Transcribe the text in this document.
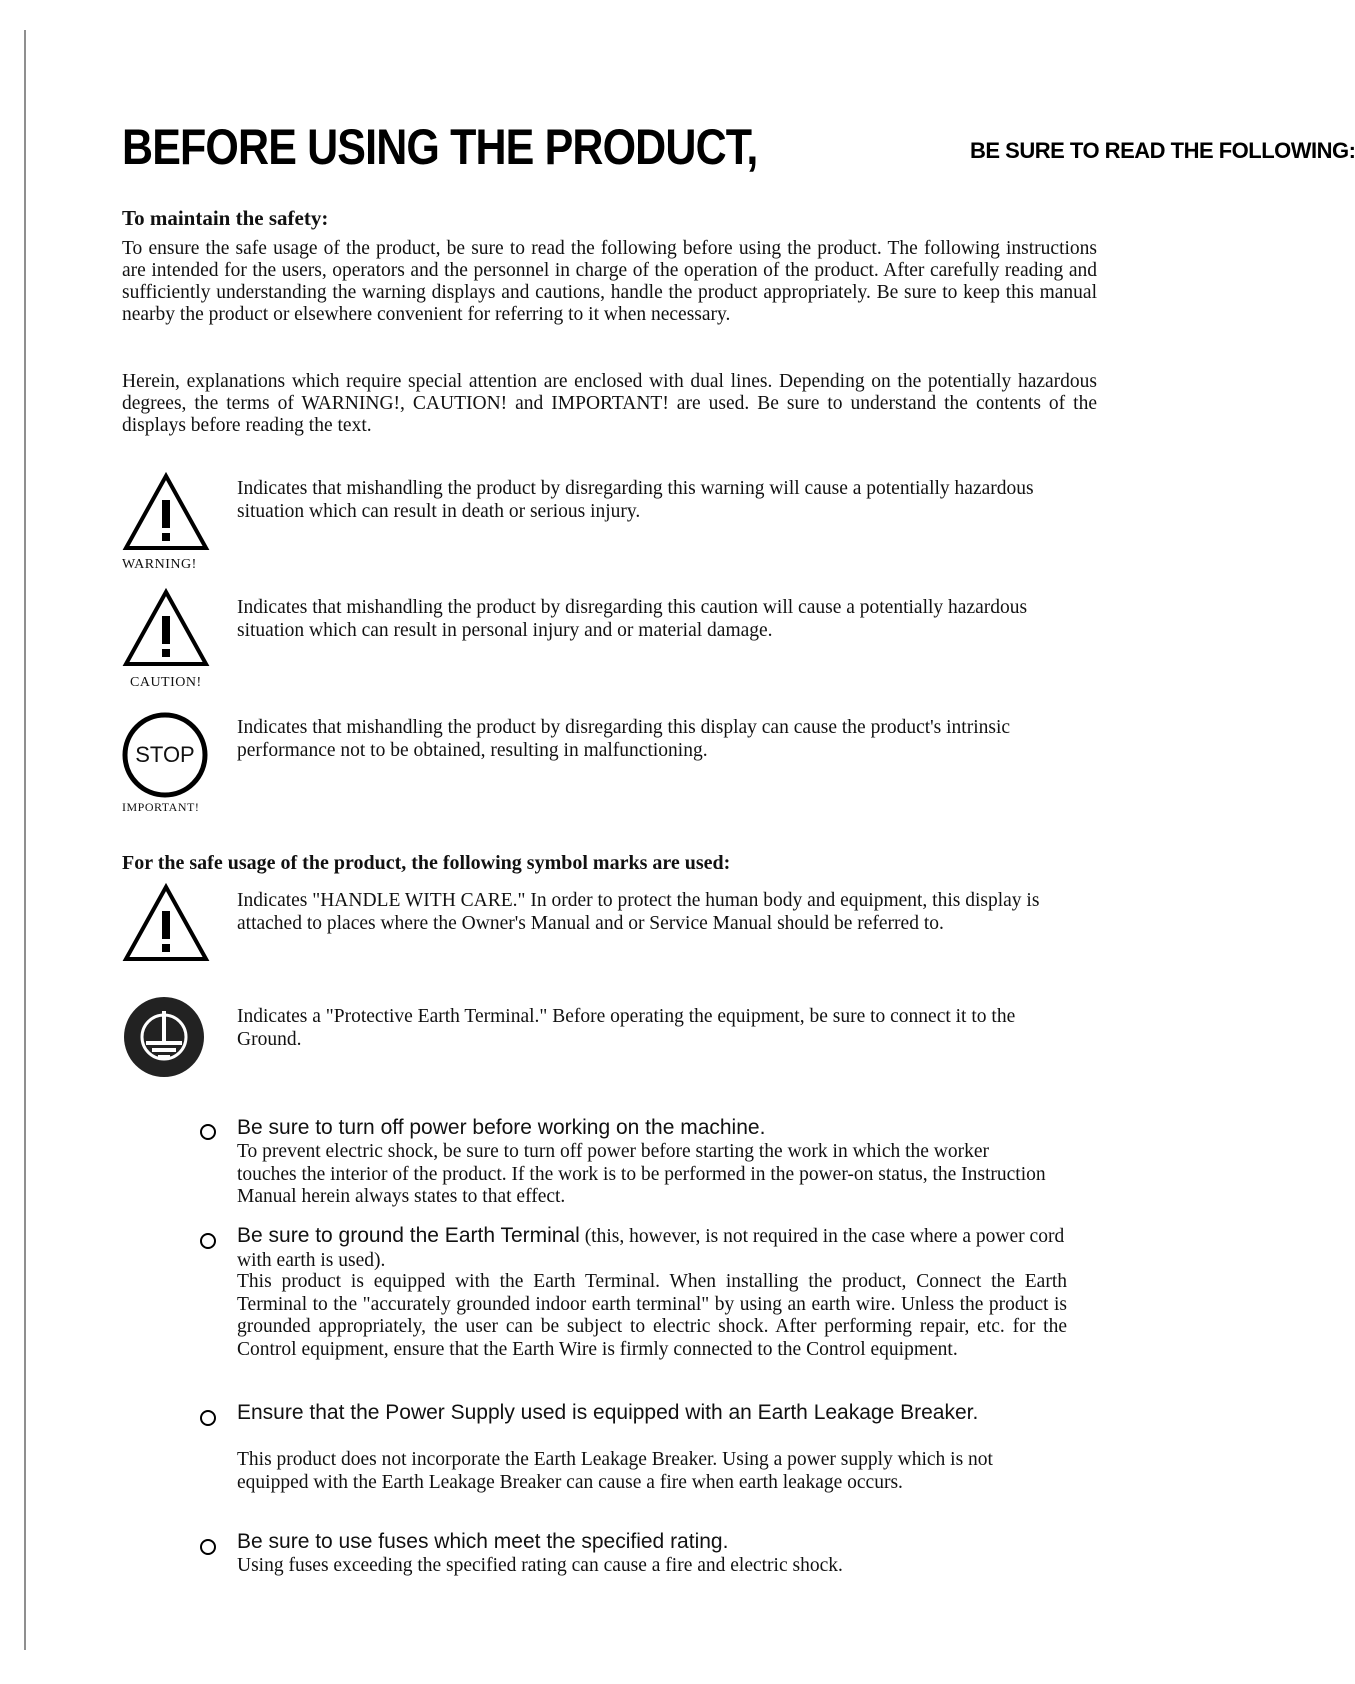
BEFORE USING THE PRODUCT,	BE SURE TO READ THE FOLLOWING:
To maintain the safety:
To ensure the safe usage of the product, be sure to read the following before using the product. The following instructions are intended for the users, operators and the personnel in charge of the operation of the product. After carefully reading and sufficiently understanding the warning displays and cautions, handle the product appropriately. Be sure to keep this manual nearby the product or elsewhere convenient for referring to it when necessary.
Herein, explanations which require special attention are enclosed with dual lines. Depending on the potentially hazardous degrees, the terms of WARNING!, CAUTION! and IMPORTANT! are used. Be sure to understand the contents of the displays before reading the text.
WARNING!
Indicates that mishandling the product by disregarding this warning will cause a potentially hazardous situation which can result in death or serious injury.
CAUTION!
Indicates that mishandling the product by disregarding this caution will cause a potentially hazardous situation which can result in personal injury and or material damage.
STOP
IMPORTANT!
Indicates that mishandling the product by disregarding this display can cause the product's intrinsic performance not to be obtained, resulting in malfunctioning.
For the safe usage of the product, the following symbol marks are used:
Indicates "HANDLE WITH CARE." In order to protect the human body and equipment, this display is attached to places where the Owner's Manual and or Service Manual should be referred to.
Indicates a "Protective Earth Terminal." Before operating the equipment, be sure to connect it to the Ground.
Be sure to turn off power before working on the machine.
To prevent electric shock, be sure to turn off power before starting the work in which the worker touches the interior of the product. If the work is to be performed in the power-on status, the Instruction Manual herein always states to that effect.
Be sure to ground the Earth Terminal (this, however, is not required in the case where a power cord with earth is used).
This product is equipped with the Earth Terminal. When installing the product, Connect the Earth Terminal to the "accurately grounded indoor earth terminal" by using an earth wire. Unless the product is grounded appropriately, the user can be subject to electric shock. After performing repair, etc. for the Control equipment, ensure that the Earth Wire is firmly connected to the Control equipment.
Ensure that the Power Supply used is equipped with an Earth Leakage Breaker.
This product does not incorporate the Earth Leakage Breaker. Using a power supply which is not equipped with the Earth Leakage Breaker can cause a fire when earth leakage occurs.
Be sure to use fuses which meet the specified rating.
Using fuses exceeding the specified rating can cause a fire and electric shock.
